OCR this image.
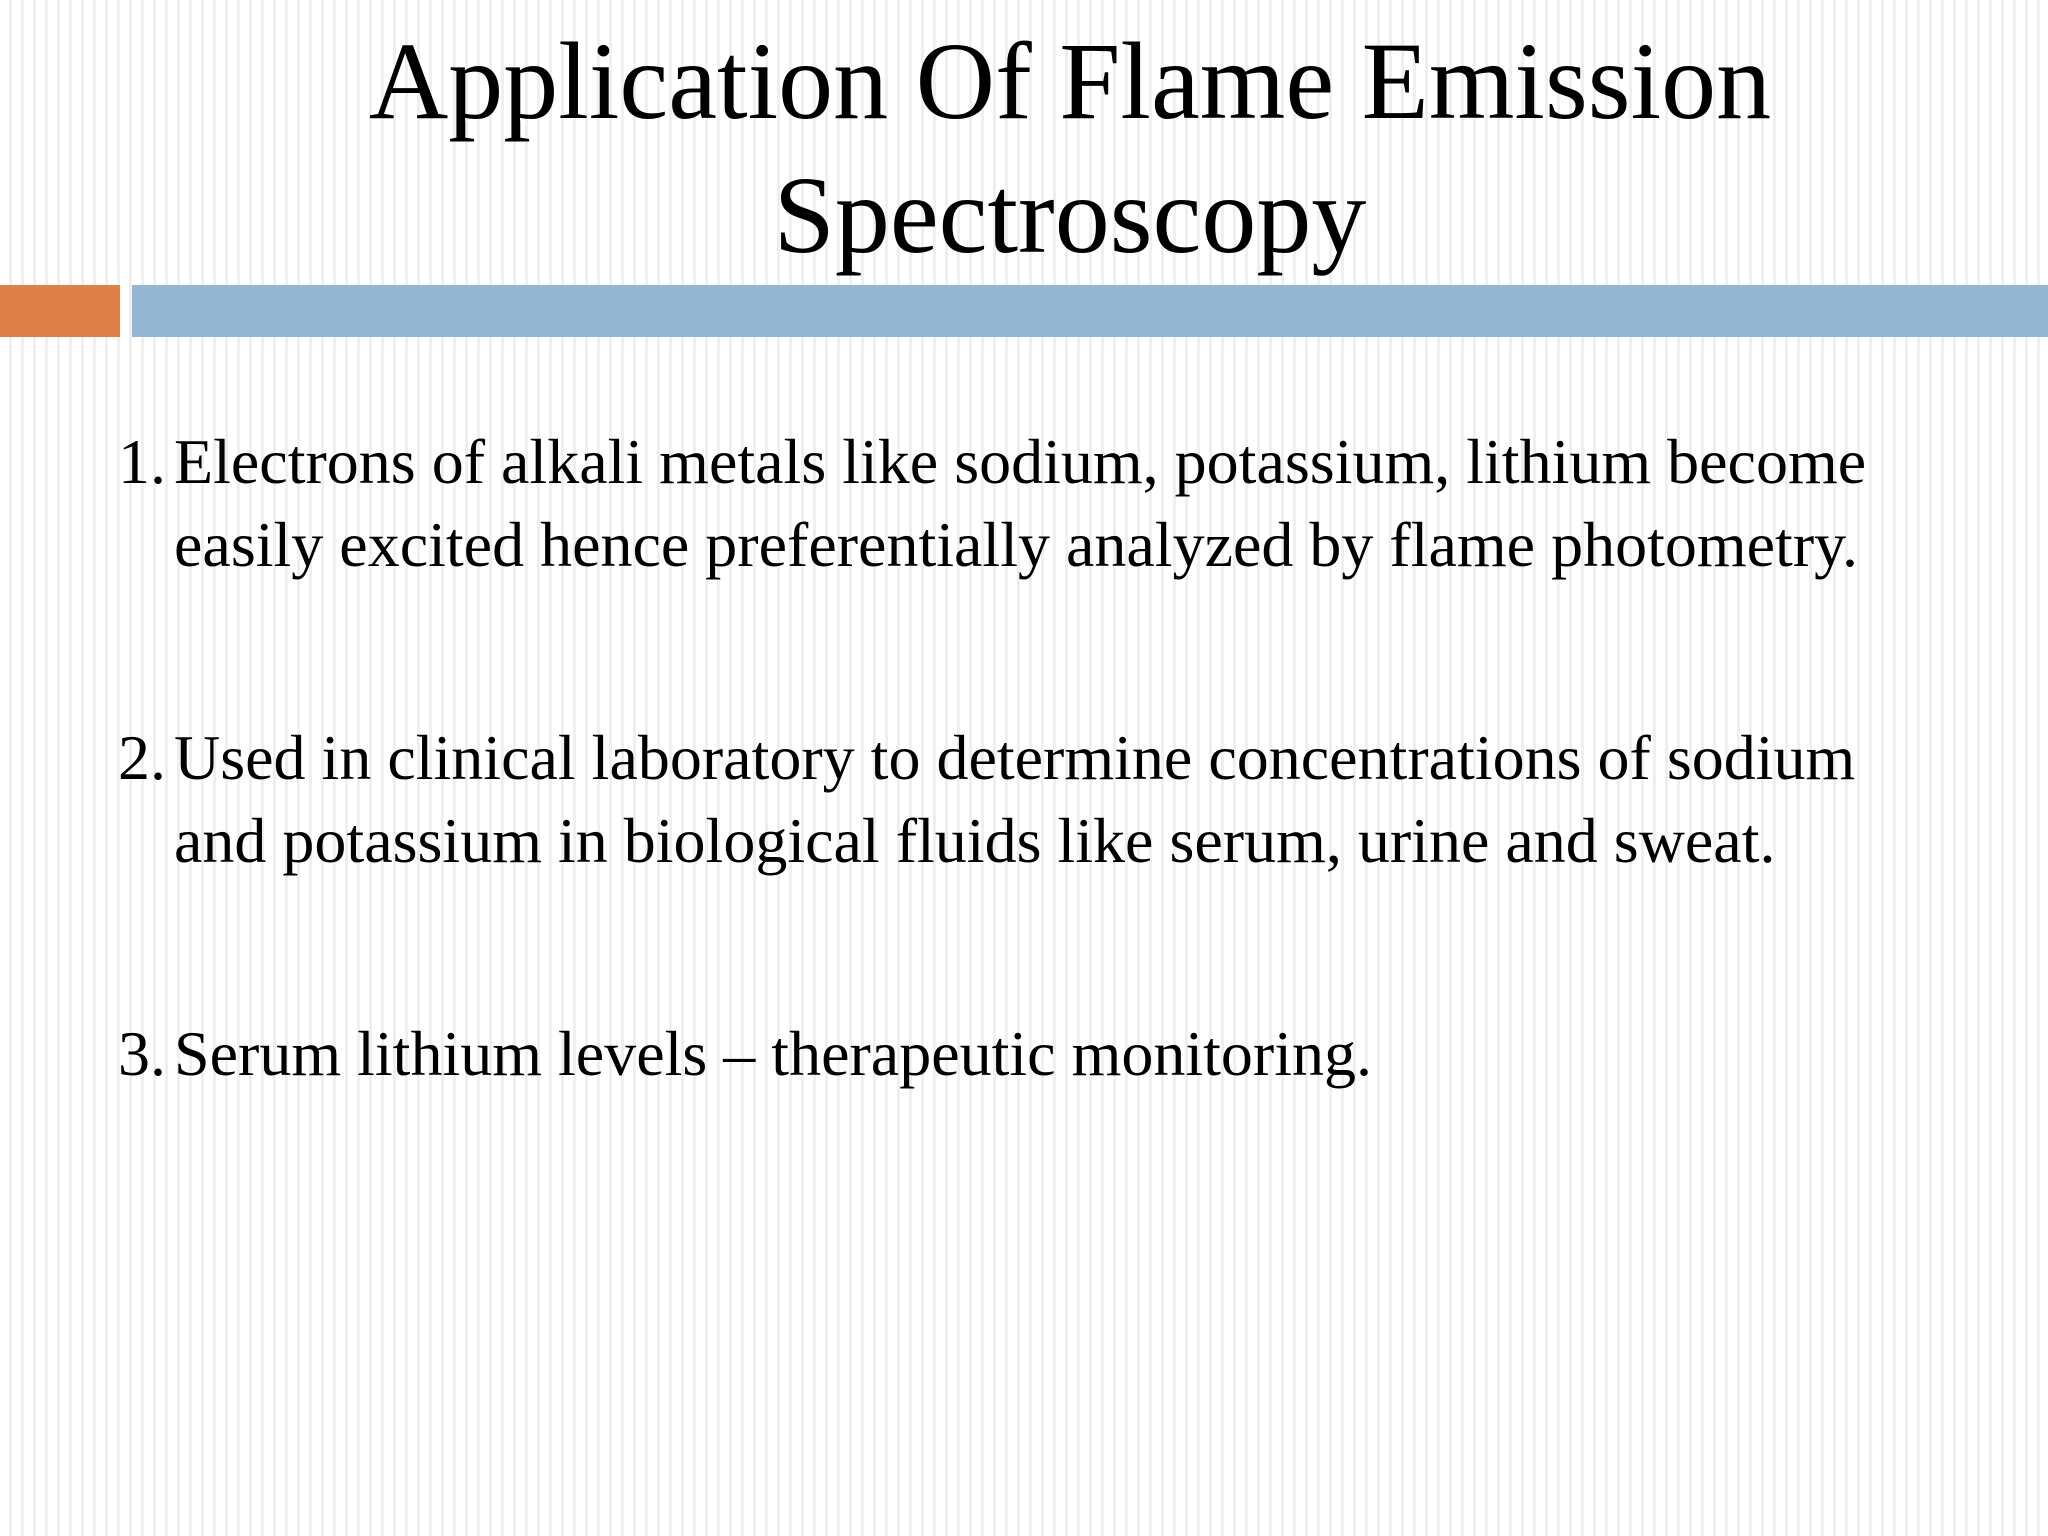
Application Of Flame Emission Spectroscopy
1. Electrons of alkali metals like sodium, potassium, lithium become easily excited hence preferentially analyzed by flame photometry.
2. Used in clinical laboratory to determine concentrations of sodium and potassium in biological fluids like serum, urine and sweat.
3. Serum lithium levels – therapeutic monitoring.
